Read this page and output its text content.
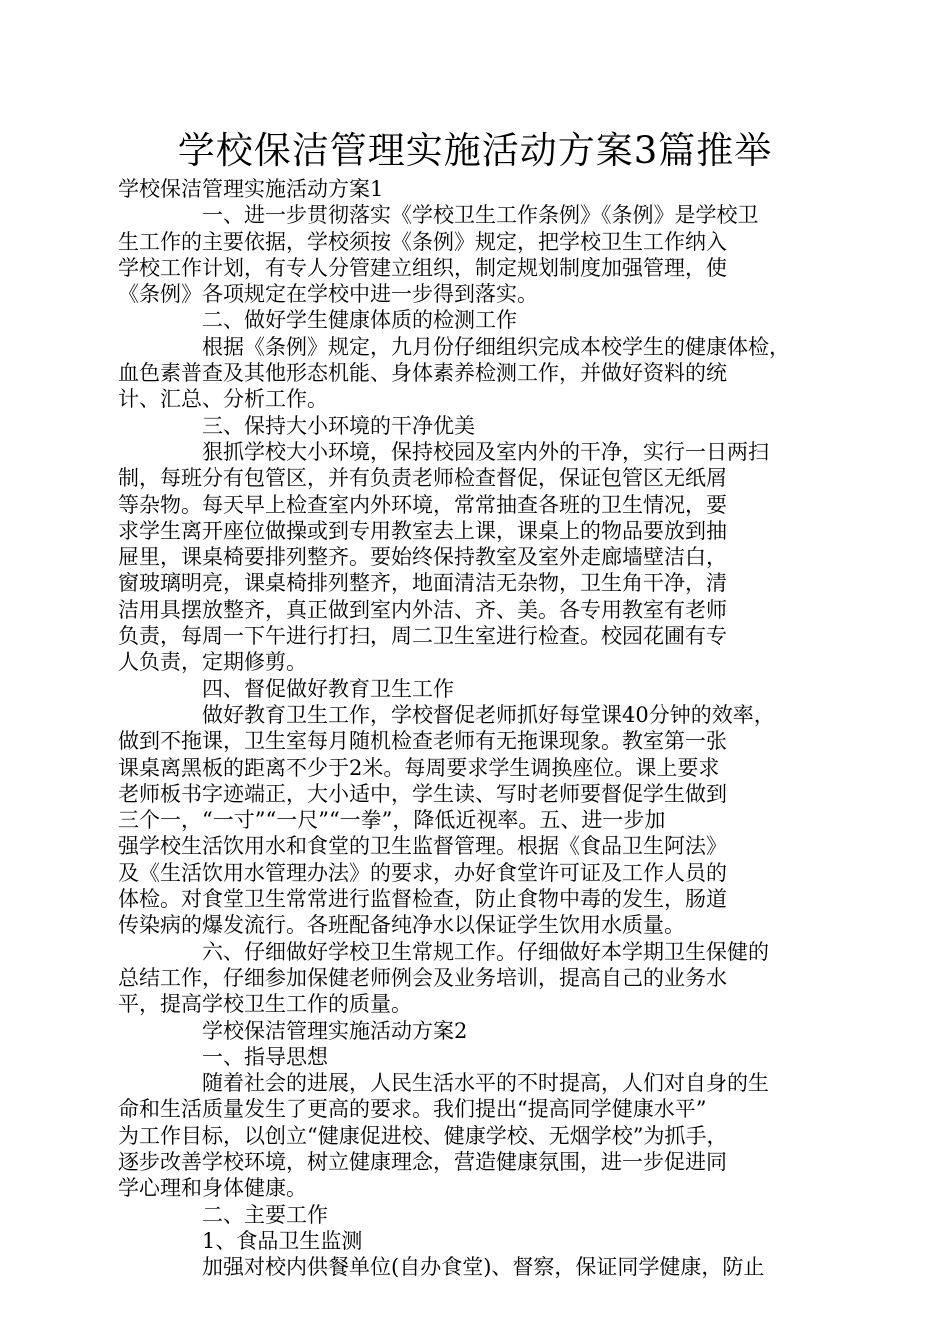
学校保洁管理实施活动方案3篇推举

学校保洁管理实施活动方案1

一、进一步贯彻落实《学校卫生工作条例》《条例》是学校卫

生工作的主要依据，学校须按《条例》规定，把学校卫生工作纳入

学校工作计划，有专人分管建立组织，制定规划制度加强管理，使

《条例》各项规定在学校中进一步得到落实。

二、做好学生健康体质的检测工作

根据《条例》规定，九月份仔细组织完成本校学生的健康体检，

血色素普查及其他形态机能、身体素养检测工作，并做好资料的统

计、汇总、分析工作。

三、保持大小环境的干净优美

狠抓学校大小环境，保持校园及室内外的干净，实行一日两扫

制，每班分有包管区，并有负责老师检查督促，保证包管区无纸屑

等杂物。每天早上检查室内外环境，常常抽查各班的卫生情况，要

求学生离开座位做操或到专用教室去上课，课桌上的物品要放到抽

屉里，课桌椅要排列整齐。要始终保持教室及室外走廊墙壁洁白，

窗玻璃明亮，课桌椅排列整齐，地面清洁无杂物，卫生角干净，清

洁用具摆放整齐，真正做到室内外洁、齐、美。各专用教室有老师

负责，每周一下午进行打扫，周二卫生室进行检查。校园花圃有专

人负责，定期修剪。

四、督促做好教育卫生工作

做好教育卫生工作，学校督促老师抓好每堂课40分钟的效率，

做到不拖课，卫生室每月随机检查老师有无拖课现象。教室第一张

课桌离黑板的距离不少于2米。每周要求学生调换座位。课上要求

老师板书字迹端正，大小适中，学生读、写时老师要督促学生做到

三个一，“一寸”“一尺”“一拳”，降低近视率。五、进一步加

强学校生活饮用水和食堂的卫生监督管理。根据《食品卫生阿法》

及《生活饮用水管理办法》的要求，办好食堂许可证及工作人员的

体检。对食堂卫生常常进行监督检查，防止食物中毒的发生，肠道

传染病的爆发流行。各班配备纯净水以保证学生饮用水质量。

六、仔细做好学校卫生常规工作。仔细做好本学期卫生保健的

总结工作，仔细参加保健老师例会及业务培训，提高自己的业务水

平，提高学校卫生工作的质量。

学校保洁管理实施活动方案2

一、指导思想

随着社会的进展，人民生活水平的不时提高，人们对自身的生

命和生活质量发生了更高的要求。我们提出“提高同学健康水平”

为工作目标，以创立“健康促进校、健康学校、无烟学校”为抓手，

逐步改善学校环境，树立健康理念，营造健康氛围，进一步促进同

学心理和身体健康。

二、主要工作

1、食品卫生监测

加强对校内供餐单位(自办食堂)、督察，保证同学健康，防止
